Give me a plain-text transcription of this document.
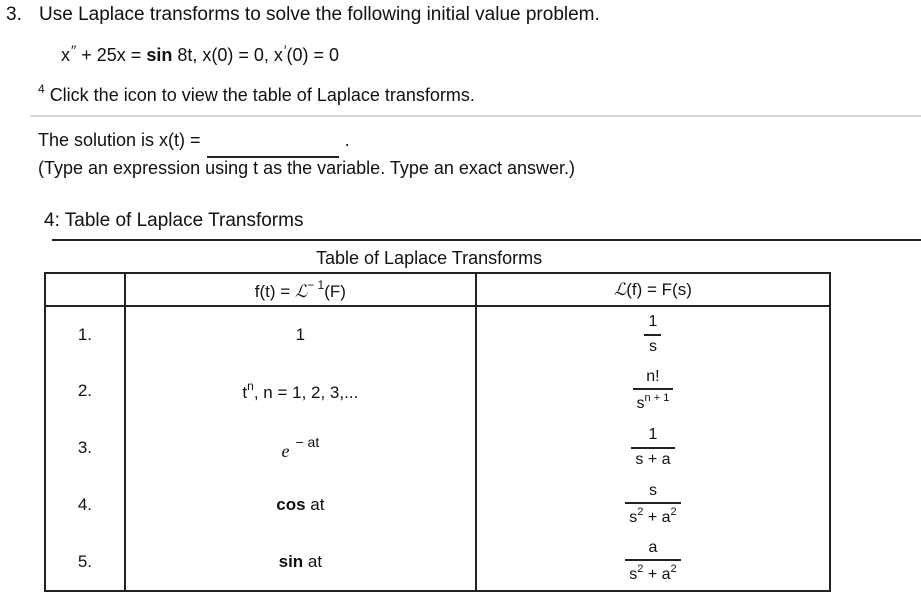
3. Use Laplace transforms to solve the following initial value problem.
x′′ + 25x = sin 8t, x(0) = 0, x′(0) = 0
$^4$ Click the icon to view the table of Laplace transforms.
The solution is x(t) =	.
(Type an expression using t as the variable. Type an exact answer.)
4: Table of Laplace Transforms
Table of Laplace Transforms
	f(t) = ℒ$^{- 1}$(F)	ℒ(f) = F(s)
1.	1	$\frac{1}{s}$

2.	$t^n$, n = 1, 2, 3,...	$\frac{n!}{s^{n + 1}}$

3.	e $^{- at}$	$\frac{1}{s + a}$

4.	cos at	$\frac{s}{s^2 + a^2}$

5.	sin at	$\frac{a}{s^2 + a^2}$
